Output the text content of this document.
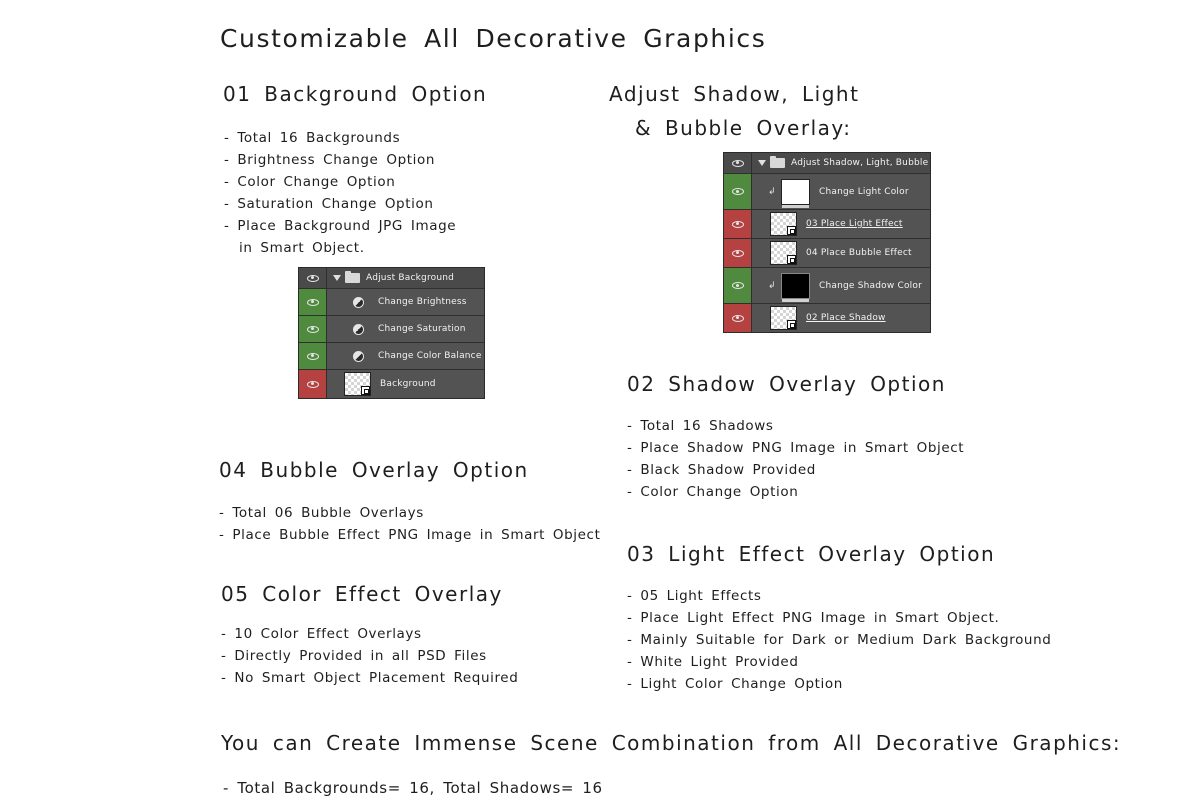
Customizable All Decorative Graphics
01 Background Option
- Total 16 Backgrounds
- Brightness Change Option
- Color Change Option
- Saturation Change Option
- Place Background JPG Image in Smart Object.
Adjust Background
Change Brightness
Change Saturation
Change Color Balance
Background
Adjust Shadow, Light
& Bubble Overlay:
Adjust Shadow, Light, Bubble
↲	Change Light Color
03 Place Light Effect
04 Place Bubble Effect
↲	Change Shadow Color
02 Place Shadow
02 Shadow Overlay Option
- Total 16 Shadows
- Place Shadow PNG Image in Smart Object
- Black Shadow Provided
- Color Change Option
03 Light Effect Overlay Option
- 05 Light Effects
- Place Light Effect PNG Image in Smart Object.
- Mainly Suitable for Dark or Medium Dark Background
- White Light Provided
- Light Color Change Option
04 Bubble Overlay Option
- Total 06 Bubble Overlays
- Place Bubble Effect PNG Image in Smart Object
05 Color Effect Overlay
- 10 Color Effect Overlays
- Directly Provided in all PSD Files
- No Smart Object Placement Required
You can Create Immense Scene Combination from All Decorative Graphics:
- Total Backgrounds= 16, Total Shadows= 16
